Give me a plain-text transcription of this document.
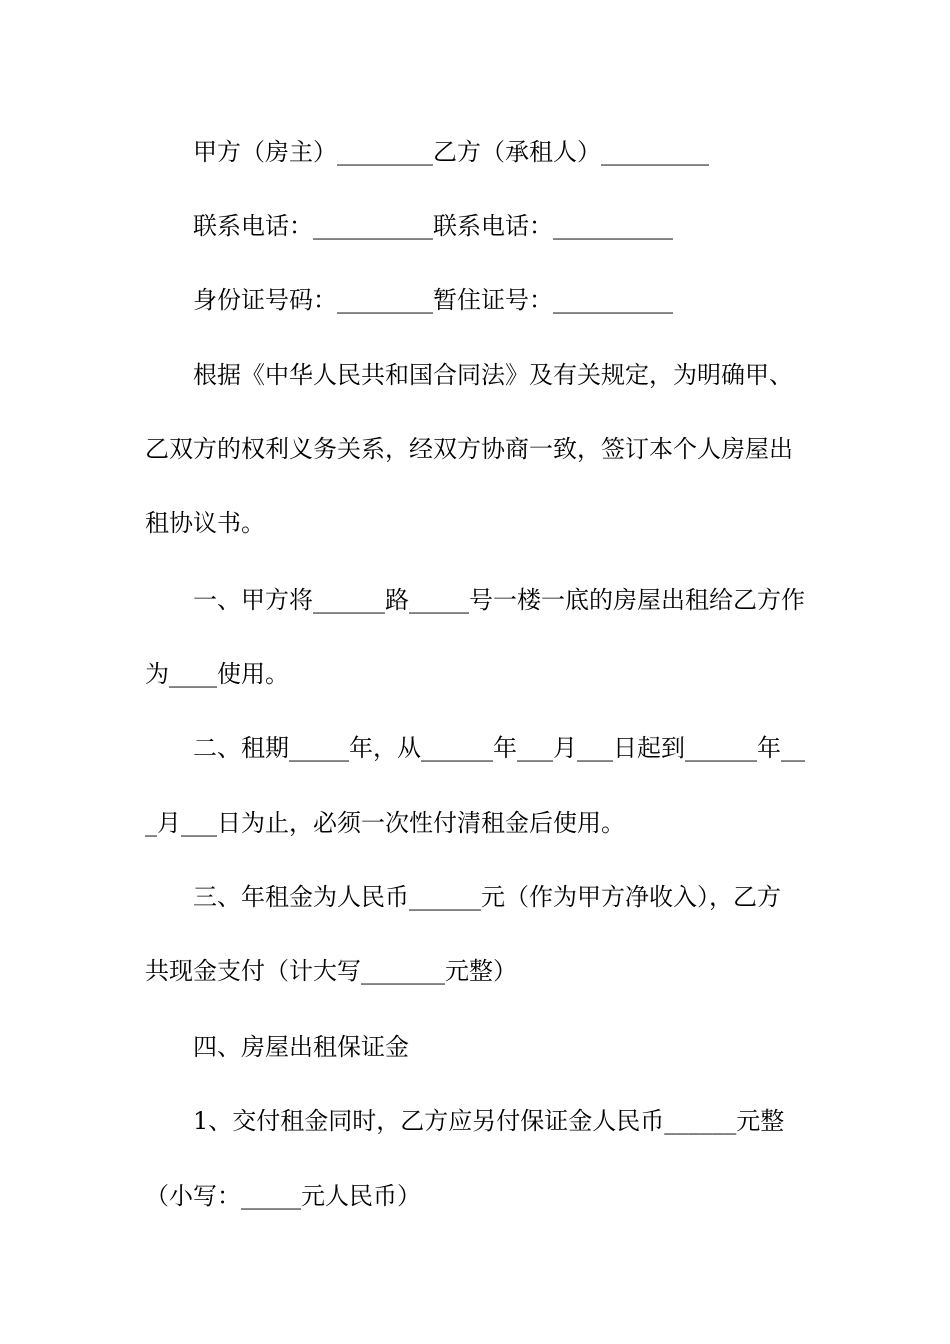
甲方（房主）________乙方（承租人）_________
联系电话：__________联系电话：__________
身份证号码：________暂住证号：__________
根据《中华人民共和国合同法》及有关规定，为明确甲、
乙双方的权利义务关系，经双方协商一致，签订本个人房屋出
租协议书。
一、甲方将______路_____号一楼一底的房屋出租给乙方作
为____使用。
二、租期_____年，从______年___月___日起到______年__
_月___日为止，必须一次性付清租金后使用。
三、年租金为人民币______元（作为甲方净收入），乙方
共现金支付（计大写_______元整）
四、房屋出租保证金
1、交付租金同时，乙方应另付保证金人民币______元整
（小写：_____元人民币）
